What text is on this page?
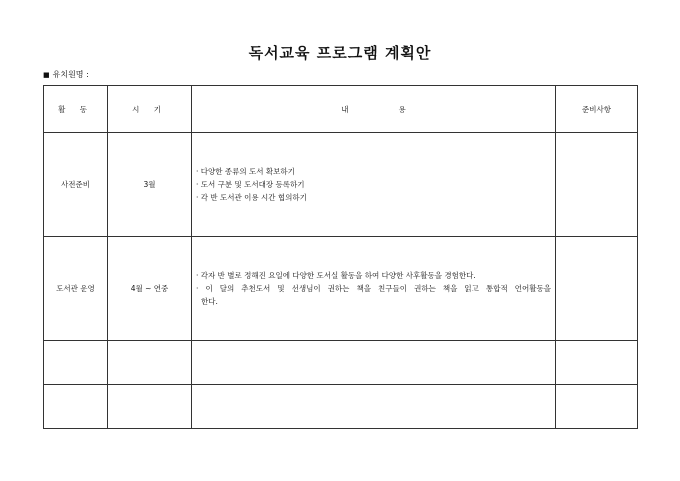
독서교육 프로그램 계획안
■ 유치원명 :
활 동	시 기	내 용	준비사항
사전준비	3월	· 다양한 종류의 도서 확보하기
· 도서 구분 및 도서대장 등록하기
· 각 반 도서관 이용 시간 협의하기	

도서관 운영	4월 ~ 연중	· 각자 반 별로 정해진 요일에 다양한 도서실 활동을 하여 다양한 사후활동을 경험한다.
· 이 달의 추천도서 및 선생님이 권하는 책을 친구들이 권하는 책을 읽고 통합적 언어활동을
한다.	
